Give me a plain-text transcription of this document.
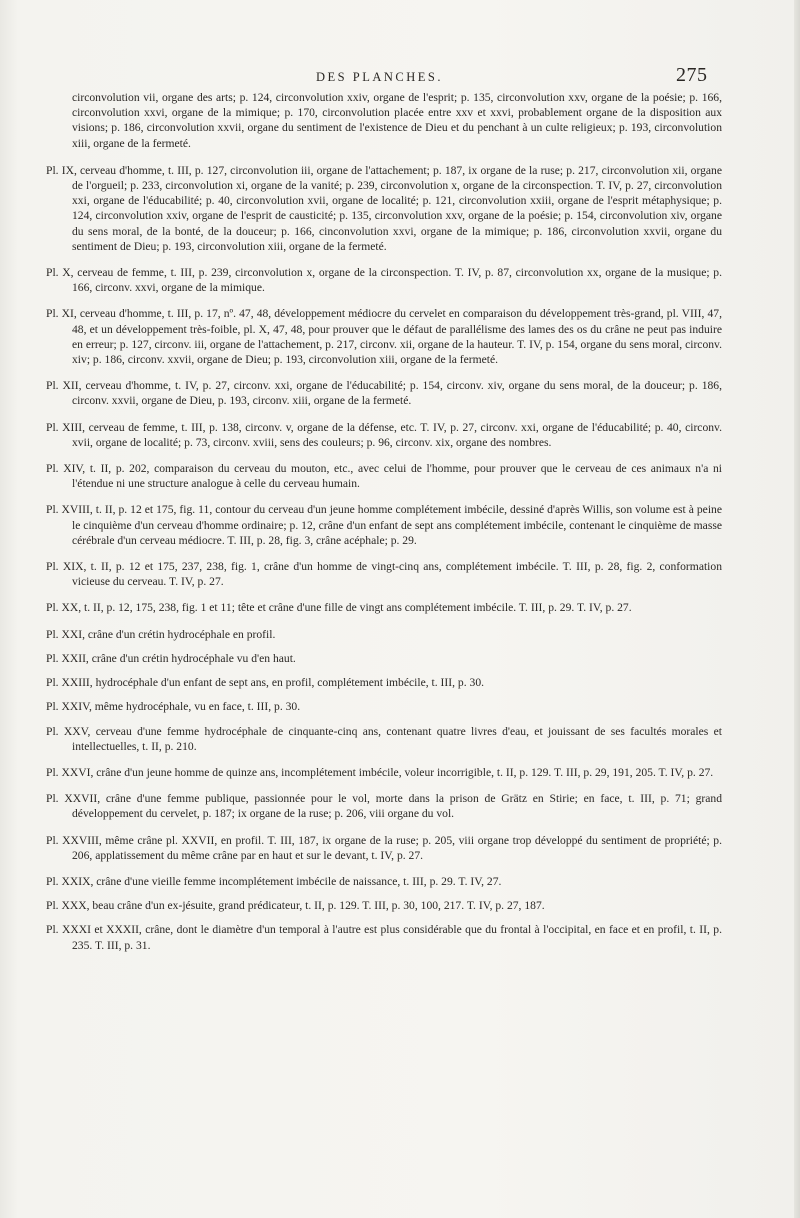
DES PLANCHES.	275

circonvolution vii, organe des arts; p. 124, circonvolution xxiv, organe de l'esprit; p. 135, circonvolution xxv, organe de la poésie; p. 166, circonvolution xxvi, organe de la mimique; p. 170, circonvolution placée entre xxv et xxvi, probablement organe de la disposition aux visions; p. 186, circonvolution xxvii, organe du sentiment de l'existence de Dieu et du penchant à un culte religieux; p. 193, circonvolution xiii, organe de la fermeté.

Pl. IX, cerveau d'homme, t. III, p. 127, circonvolution iii, organe de l'attachement; p. 187, ix organe de la ruse; p. 217, circonvolution xii, organe de l'orgueil; p. 233, circonvolution xi, organe de la vanité; p. 239, circonvolution x, organe de la circonspection. T. IV, p. 27, circonvolution xxi, organe de l'éducabilité; p. 40, circonvolution xvii, organe de localité; p. 121, circonvolution xxiii, organe de l'esprit métaphysique; p. 124, circonvolution xxiv, organe de l'esprit de causticité; p. 135, circonvolution xxv, organe de la poésie; p. 154, circonvolution xiv, organe du sens moral, de la bonté, de la douceur; p. 166, cinconvolution xxvi, organe de la mimique; p. 186, circonvolution xxvii, organe du sentiment de Dieu; p. 193, circonvolution xiii, organe de la fermeté.

Pl. X, cerveau de femme, t. III, p. 239, circonvolution x, organe de la circonspection. T. IV, p. 87, circonvolution xx, organe de la musique; p. 166, circonv. xxvi, organe de la mimique.

Pl. XI, cerveau d'homme, t. III, p. 17, nº. 47, 48, développement médiocre du cervelet en comparaison du développement très-grand, pl. VIII, 47, 48, et un développement très-foible, pl. X, 47, 48, pour prouver que le défaut de parallélisme des lames des os du crâne ne peut pas induire en erreur; p. 127, circonv. iii, organe de l'attachement, p. 217, circonv. xii, organe de la hauteur. T. IV, p. 154, organe du sens moral, circonv. xiv; p. 186, circonv. xxvii, organe de Dieu; p. 193, circonvolution xiii, organe de la fermeté.

Pl. XII, cerveau d'homme, t. IV, p. 27, circonv. xxi, organe de l'éducabilité; p. 154, circonv. xiv, organe du sens moral, de la douceur; p. 186, circonv. xxvii, organe de Dieu, p. 193, circonv. xiii, organe de la fermeté.

Pl. XIII, cerveau de femme, t. III, p. 138, circonv. v, organe de la défense, etc. T. IV, p. 27, circonv. xxi, organe de l'éducabilité; p. 40, circonv. xvii, organe de localité; p. 73, circonv. xviii, sens des couleurs; p. 96, circonv. xix, organe des nombres.

Pl. XIV, t. II, p. 202, comparaison du cerveau du mouton, etc., avec celui de l'homme, pour prouver que le cerveau de ces animaux n'a ni l'étendue ni une structure analogue à celle du cerveau humain.

Pl. XVIII, t. II, p. 12 et 175, fig. 11, contour du cerveau d'un jeune homme complétement imbécile, dessiné d'après Willis, son volume est à peine le cinquième d'un cerveau d'homme ordinaire; p. 12, crâne d'un enfant de sept ans complétement imbécile, contenant le cinquième de masse cérébrale d'un cerveau médiocre. T. III, p. 28, fig. 3, crâne acéphale; p. 29.

Pl. XIX, t. II, p. 12 et 175, 237, 238, fig. 1, crâne d'un homme de vingt-cinq ans, complétement imbécile. T. III, p. 28, fig. 2, conformation vicieuse du cerveau. T. IV, p. 27.

Pl. XX, t. II, p. 12, 175, 238, fig. 1 et 11; tête et crâne d'une fille de vingt ans complétement imbécile. T. III, p. 29. T. IV, p. 27.

Pl. XXI, crâne d'un crétin hydrocéphale en profil.

Pl. XXII, crâne d'un crétin hydrocéphale vu d'en haut.

Pl. XXIII, hydrocéphale d'un enfant de sept ans, en profil, complétement imbécile, t. III, p. 30.

Pl. XXIV, même hydrocéphale, vu en face, t. III, p. 30.

Pl. XXV, cerveau d'une femme hydrocéphale de cinquante-cinq ans, contenant quatre livres d'eau, et jouissant de ses facultés morales et intellectuelles, t. II, p. 210.

Pl. XXVI, crâne d'un jeune homme de quinze ans, incomplétement imbécile, voleur incorrigible, t. II, p. 129. T. III, p. 29, 191, 205. T. IV, p. 27.

Pl. XXVII, crâne d'une femme publique, passionnée pour le vol, morte dans la prison de Grätz en Stirie; en face, t. III, p. 71; grand développement du cervelet, p. 187; ix organe de la ruse; p. 206, viii organe du vol.

Pl. XXVIII, même crâne pl. XXVII, en profil. T. III, 187, ix organe de la ruse; p. 205, viii organe trop développé du sentiment de propriété; p. 206, applatissement du même crâne par en haut et sur le devant, t. IV, p. 27.

Pl. XXIX, crâne d'une vieille femme incomplétement imbécile de naissance, t. III, p. 29. T. IV, 27.

Pl. XXX, beau crâne d'un ex-jésuite, grand prédicateur, t. II, p. 129. T. III, p. 30, 100, 217. T. IV, p. 27, 187.

Pl. XXXI et XXXII, crâne, dont le diamètre d'un temporal à l'autre est plus considérable que du frontal à l'occipital, en face et en profil, t. II, p. 235. T. III, p. 31.
